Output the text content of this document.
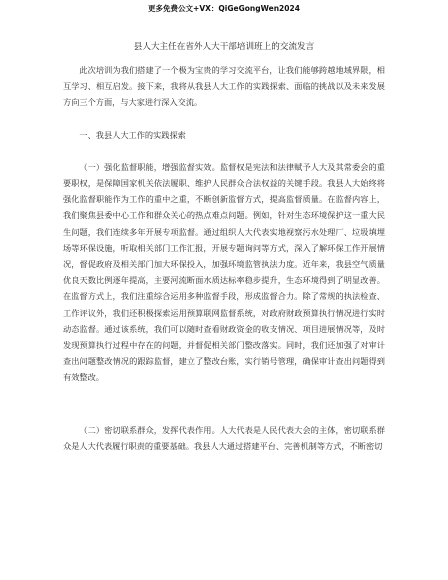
更多免费公文+VX：QiGeGongWen2024
县人大主任在省外人大干部培训班上的交流发言

此次培训为我们搭建了一个极为宝贵的学习交流平台，让我们能够跨越地域界限，相互学习、相互启发。接下来，我将从我县人大工作的实践探索、面临的挑战以及未来发展方向三个方面，与大家进行深入交流。

一、我县人大工作的实践探索

（一）强化监督职能，增强监督实效。监督权是宪法和法律赋予人大及其常委会的重要职权，是保障国家机关依法履职、维护人民群众合法权益的关键手段。我县人大始终将强化监督职能作为工作的重中之重，不断创新监督方式，提高监督质量。在监督内容上，我们聚焦县委中心工作和群众关心的热点难点问题。例如，针对生态环境保护这一重大民生问题，我们连续多年开展专项监督。通过组织人大代表实地视察污水处理厂、垃圾填埋场等环保设施，听取相关部门工作汇报，开展专题询问等方式，深入了解环保工作开展情况，督促政府及相关部门加大环保投入，加强环境监管执法力度。近年来，我县空气质量优良天数比例逐年提高，主要河流断面水质达标率稳步提升，生态环境得到了明显改善。在监督方式上，我们注重综合运用多种监督手段，形成监督合力。除了常规的执法检查、工作评议外，我们还积极探索运用预算联网监督系统，对政府财政预算执行情况进行实时动态监督。通过该系统，我们可以随时查看财政资金的收支情况、项目进展情况等，及时发现预算执行过程中存在的问题，并督促相关部门整改落实。同时，我们还加强了对审计查出问题整改情况的跟踪监督，建立了整改台账，实行销号管理，确保审计查出问题得到有效整改。

（二）密切联系群众，发挥代表作用。人大代表是人民代表大会的主体，密切联系群众是人大代表履行职责的重要基础。我县人大通过搭建平台、完善机制等方式，不断密切
